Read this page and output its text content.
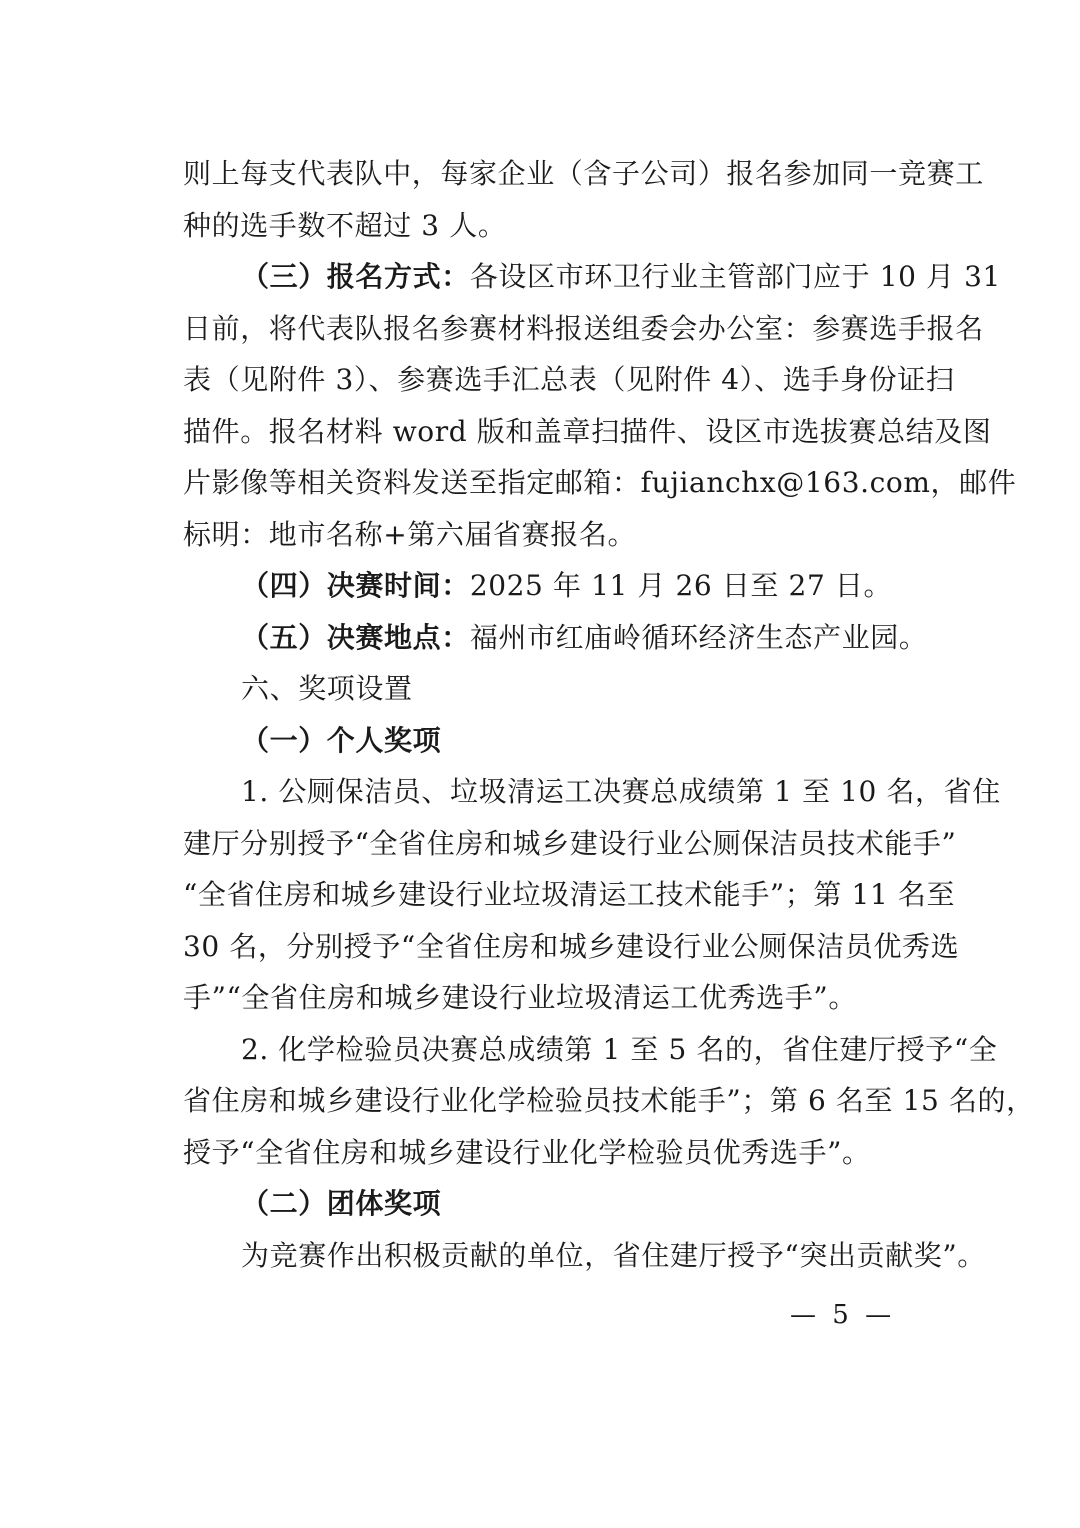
则上每支代表队中，每家企业（含子公司）报名参加同一竞赛工
种的选手数不超过 3 人。
（三）报名方式：各设区市环卫行业主管部门应于 10 月 31
日前，将代表队报名参赛材料报送组委会办公室：参赛选手报名
表（见附件 3）、参赛选手汇总表（见附件 4）、选手身份证扫
描件。报名材料 word 版和盖章扫描件、设区市选拔赛总结及图
片影像等相关资料发送至指定邮箱：fujianchx@163.com，邮件
标明：地市名称+第六届省赛报名。
（四）决赛时间：2025 年 11 月 26 日至 27 日。
（五）决赛地点：福州市红庙岭循环经济生态产业园。
六、奖项设置
（一）个人奖项
1. 公厕保洁员、垃圾清运工决赛总成绩第 1 至 10 名，省住
建厅分别授予“全省住房和城乡建设行业公厕保洁员技术能手”
“全省住房和城乡建设行业垃圾清运工技术能手”；第 11 名至
30 名，分别授予“全省住房和城乡建设行业公厕保洁员优秀选
手”“全省住房和城乡建设行业垃圾清运工优秀选手”。
2. 化学检验员决赛总成绩第 1 至 5 名的，省住建厅授予“全
省住房和城乡建设行业化学检验员技术能手”；第 6 名至 15 名的，
授予“全省住房和城乡建设行业化学检验员优秀选手”。
（二）团体奖项
为竞赛作出积极贡献的单位，省住建厅授予“突出贡献奖”。
— 5 —
